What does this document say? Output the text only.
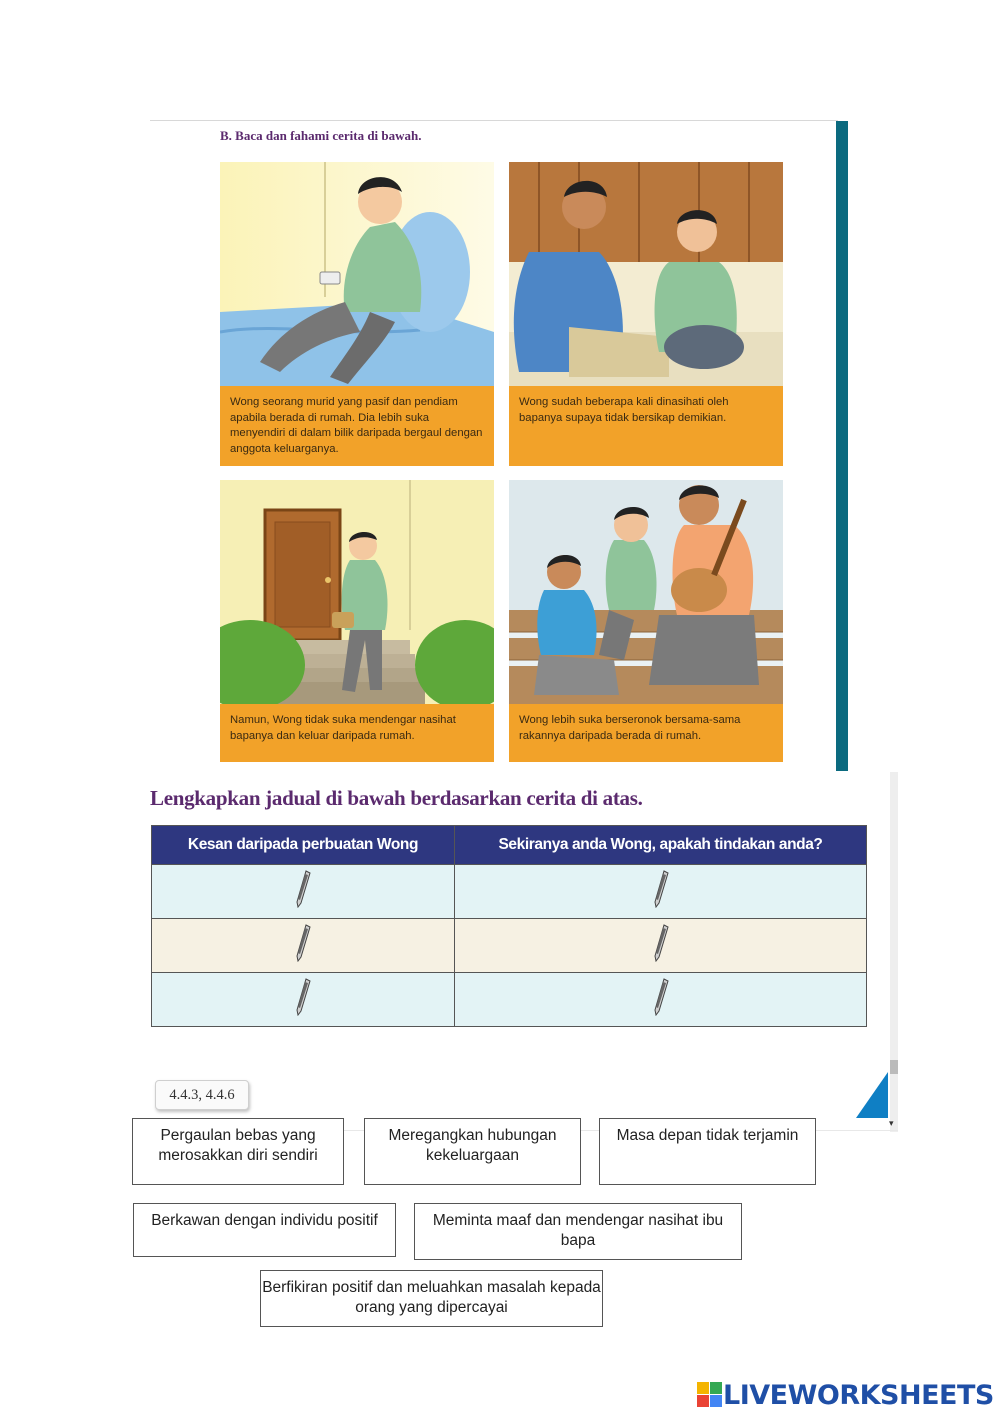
▾
B. Baca dan fahami cerita di bawah.
Wong seorang murid yang pasif dan pendiam apabila berada di rumah. Dia lebih suka menyendiri di dalam bilik daripada bergaul dengan anggota keluarganya.
Wong sudah beberapa kali dinasihati oleh bapanya supaya tidak bersikap demikian.
Namun, Wong tidak suka mendengar nasihat bapanya dan keluar daripada rumah.
Wong lebih suka berseronok bersama-sama rakannya daripada berada di rumah.
Lengkapkan jadual di bawah berdasarkan cerita di atas.
Kesan daripada perbuatan Wong	Sekiranya anda Wong, apakah tindakan anda?

4.4.3, 4.4.6
Pergaulan bebas yang merosakkan diri sendiri
Meregangkan hubungan kekeluargaan
Masa depan tidak terjamin
Berkawan dengan individu positif	Meminta maaf dan mendengar nasihat ibu bapa
Berfikiran positif dan meluahkan masalah kepada orang yang dipercayai
LIVEWORKSHEETS
